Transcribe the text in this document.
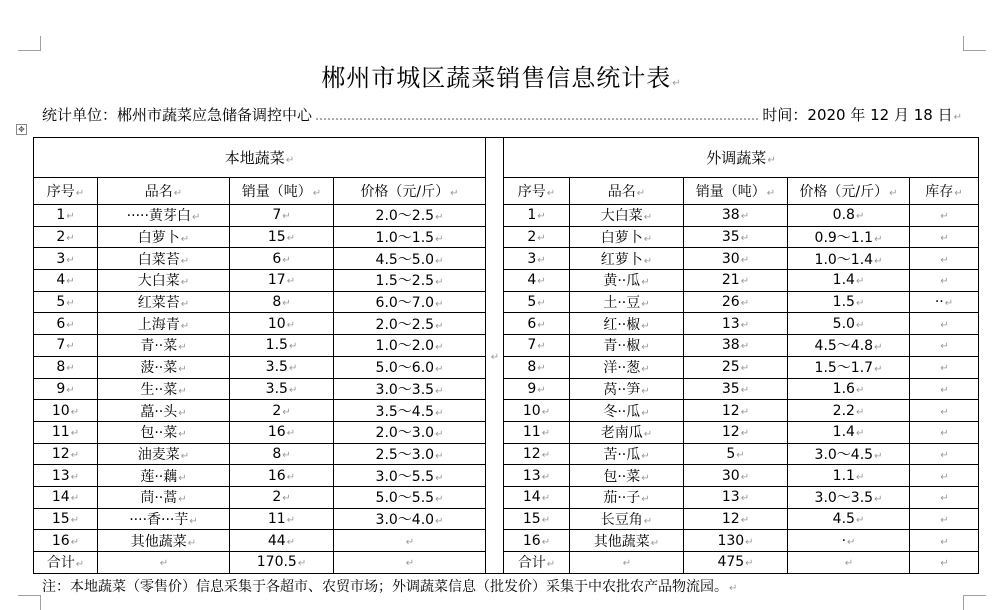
郴州市城区蔬菜销售信息统计表 ↵
统计单位：郴州市蔬菜应急储备调控中心	时间：2020 年 12 月 18 日 ↵
✥
本地蔬菜 ↵	↵				外调蔬菜 ↵
序号 ↵	品名 ↵	销量（吨） ↵	价格（元/斤） ↵		序号 ↵	品名 ↵	销量（吨） ↵	价格（元/斤） ↵	库存 ↵
1 ↵	·····黄芽白 ↵	7 ↵	2.0～2.5 ↵		1 ↵	大白菜 ↵	38 ↵	0.8 ↵	↵
2 ↵	白萝卜 ↵	15 ↵	1.0～1.5 ↵		2 ↵	白萝卜 ↵	35 ↵	0.9～1.1 ↵	↵
3 ↵	白菜苔 ↵	6 ↵	4.5～5.0 ↵		3 ↵	红萝卜 ↵	30 ↵	1.0～1.4 ↵	↵
4 ↵	大白菜 ↵	17 ↵	1.5～2.5 ↵		4 ↵	黄··瓜 ↵	21 ↵	1.4 ↵	↵
5 ↵	红菜苔 ↵	8 ↵	6.0～7.0 ↵		5 ↵	土··豆 ↵	26 ↵	1.5 ↵	·· ↵
6 ↵	上海青 ↵	10 ↵	2.0～2.5 ↵		6 ↵	红··椒 ↵	13 ↵	5.0 ↵	↵
7 ↵	青··菜 ↵	1.5 ↵	1.0～2.0 ↵		7 ↵	青··椒 ↵	38 ↵	4.5～4.8 ↵	↵
8 ↵	菠··菜 ↵	3.5 ↵	5.0～6.0 ↵		8 ↵	洋··葱 ↵	25 ↵	1.5～1.7 ↵	↵
9 ↵	生··菜 ↵	3.5 ↵	3.0～3.5 ↵		9 ↵	莴··笋 ↵	35 ↵	1.6 ↵	↵
10 ↵	藠··头 ↵	2 ↵	3.5～4.5 ↵		10 ↵	冬··瓜 ↵	12 ↵	2.2 ↵	↵
11 ↵	包··菜 ↵	16 ↵	2.0～3.0 ↵		11 ↵	老南瓜 ↵	12 ↵	1.4 ↵	↵
12 ↵	油麦菜 ↵	8 ↵	2.5～3.0 ↵		12 ↵	苦··瓜 ↵	5 ↵	3.0～4.5 ↵	↵
13 ↵	莲··藕 ↵	16 ↵	3.0～5.5 ↵		13 ↵	包··菜 ↵	30 ↵	1.1 ↵	↵
14 ↵	茼··蒿 ↵	2 ↵	5.0～5.5 ↵		14 ↵	茄··子 ↵	13 ↵	3.0～3.5 ↵	↵
15 ↵	····香···芋 ↵	11 ↵	3.0～4.0 ↵		15 ↵	长豆角 ↵	12 ↵	4.5 ↵	↵
16 ↵	其他蔬菜 ↵	44 ↵	↵		16 ↵	其他蔬菜 ↵	130 ↵	· ↵	↵
合计 ↵	↵	170.5 ↵	↵		合计 ↵	↵	475 ↵	↵	↵
注：本地蔬菜（零售价）信息采集于各超市、农贸市场；外调蔬菜信息（批发价）采集于中农批农产品物流园。 ↵
